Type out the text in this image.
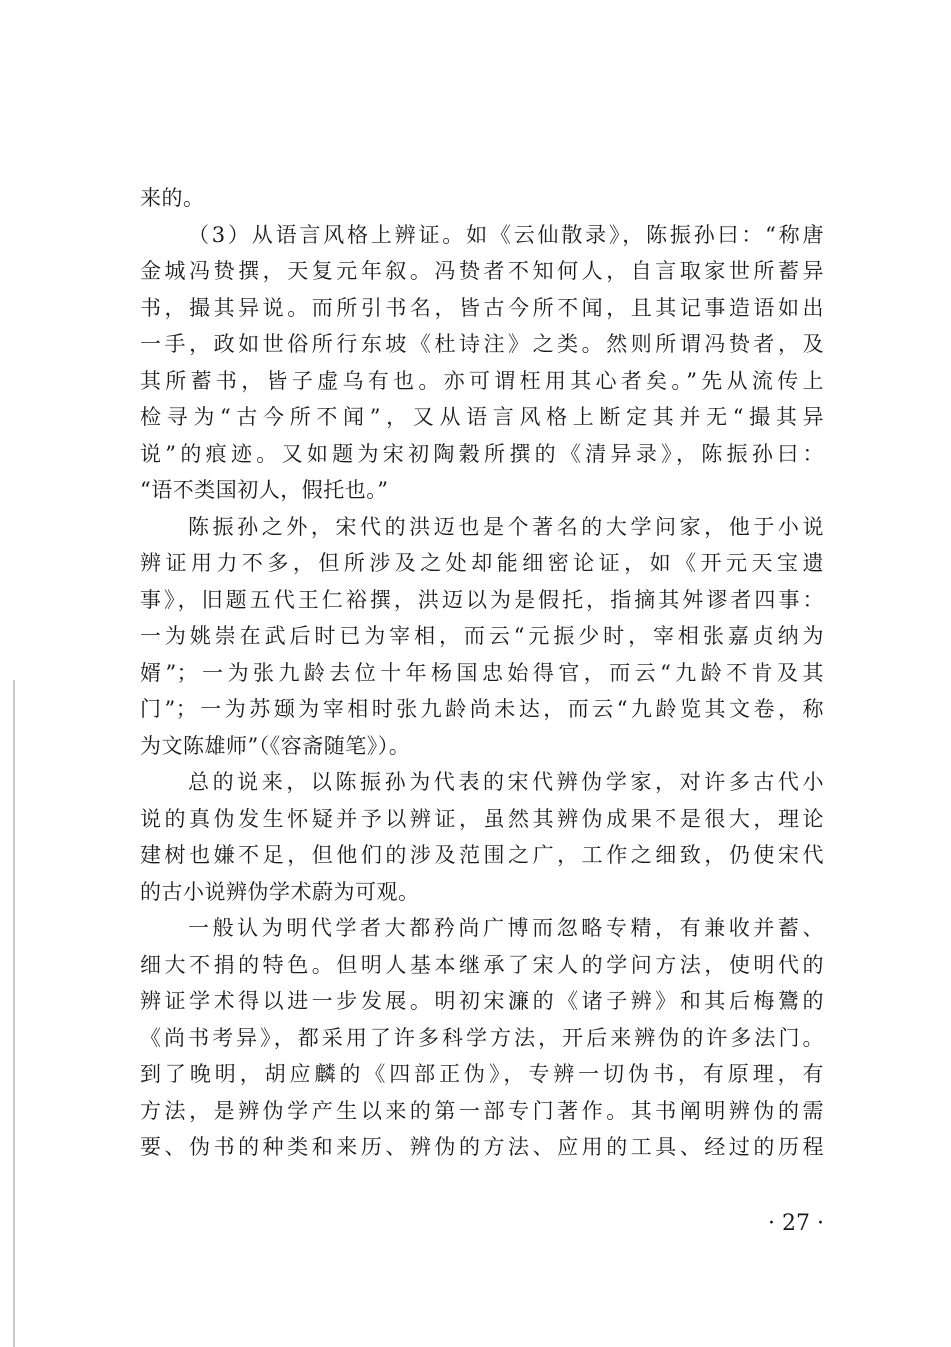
来的。
（3）从语言风格上辨证。如《云仙散录》，陈振孙曰：“称唐
金城冯贽撰，天复元年叙。冯贽者不知何人，自言取家世所蓄异
书，撮其异说。而所引书名，皆古今所不闻，且其记事造语如出
一手，政如世俗所行东坡《杜诗注》之类。然则所谓冯贽者，及
其所蓄书，皆子虚乌有也。亦可谓枉用其心者矣。”先从流传上
检寻为“古今所不闻”，又从语言风格上断定其并无“撮其异
说”的痕迹。又如题为宋初陶穀所撰的《清异录》，陈振孙曰：
“语不类国初人，假托也。”
陈振孙之外，宋代的洪迈也是个著名的大学问家，他于小说
辨证用力不多，但所涉及之处却能细密论证，如《开元天宝遗
事》，旧题五代王仁裕撰，洪迈以为是假托，指摘其舛谬者四事：
一为姚崇在武后时已为宰相，而云“元振少时，宰相张嘉贞纳为
婿”；一为张九龄去位十年杨国忠始得官，而云“九龄不肯及其
门”；一为苏颋为宰相时张九龄尚未达，而云“九龄览其文卷，称
为文陈雄师”（《容斋随笔》）。
总的说来，以陈振孙为代表的宋代辨伪学家，对许多古代小
说的真伪发生怀疑并予以辨证，虽然其辨伪成果不是很大，理论
建树也嫌不足，但他们的涉及范围之广，工作之细致，仍使宋代
的古小说辨伪学术蔚为可观。
一般认为明代学者大都矜尚广博而忽略专精，有兼收并蓄、
细大不捐的特色。但明人基本继承了宋人的学问方法，使明代的
辨证学术得以进一步发展。明初宋濂的《诸子辨》和其后梅鷟的
《尚书考异》，都采用了许多科学方法，开后来辨伪的许多法门。
到了晚明，胡应麟的《四部正伪》，专辨一切伪书，有原理，有
方法，是辨伪学产生以来的第一部专门著作。其书阐明辨伪的需
要、伪书的种类和来历、辨伪的方法、应用的工具、经过的历程
· 27 ·
